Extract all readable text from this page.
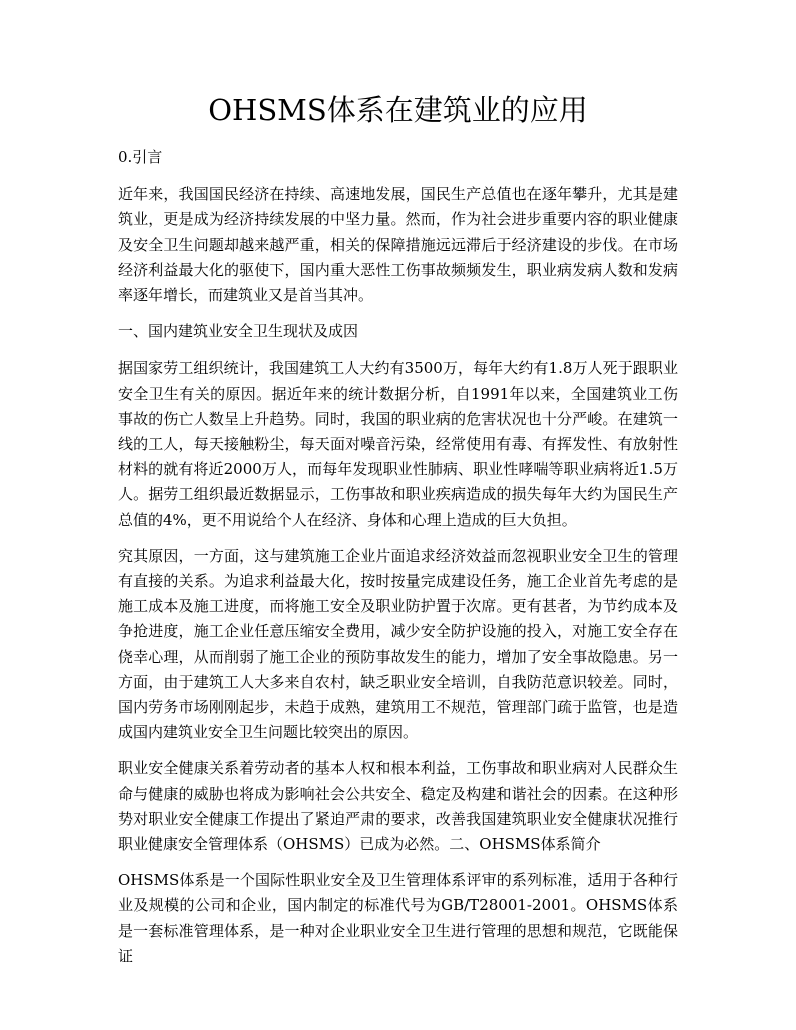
OHSMS体系在建筑业的应用

0.引言

近年来，我国国民经济在持续、高速地发展，国民生产总值也在逐年攀升，尤其是建筑业，更是成为经济持续发展的中坚力量。然而，作为社会进步重要内容的职业健康及安全卫生问题却越来越严重，相关的保障措施远远滞后于经济建设的步伐。在市场经济利益最大化的驱使下，国内重大恶性工伤事故频频发生，职业病发病人数和发病率逐年增长，而建筑业又是首当其冲。

一、国内建筑业安全卫生现状及成因

据国家劳工组织统计，我国建筑工人大约有3500万，每年大约有1.8万人死于跟职业安全卫生有关的原因。据近年来的统计数据分析，自1991年以来，全国建筑业工伤事故的伤亡人数呈上升趋势。同时，我国的职业病的危害状况也十分严峻。在建筑一线的工人，每天接触粉尘，每天面对噪音污染，经常使用有毒、有挥发性、有放射性材料的就有将近2000万人，而每年发现职业性肺病、职业性哮喘等职业病将近1.5万人。据劳工组织最近数据显示，工伤事故和职业疾病造成的损失每年大约为国民生产总值的4%，更不用说给个人在经济、身体和心理上造成的巨大负担。

究其原因，一方面，这与建筑施工企业片面追求经济效益而忽视职业安全卫生的管理有直接的关系。为追求利益最大化，按时按量完成建设任务，施工企业首先考虑的是施工成本及施工进度，而将施工安全及职业防护置于次席。更有甚者，为节约成本及争抢进度，施工企业任意压缩安全费用，减少安全防护设施的投入，对施工安全存在侥幸心理，从而削弱了施工企业的预防事故发生的能力，增加了安全事故隐患。另一方面，由于建筑工人大多来自农村，缺乏职业安全培训，自我防范意识较差。同时，国内劳务市场刚刚起步，未趋于成熟，建筑用工不规范，管理部门疏于监管，也是造成国内建筑业安全卫生问题比较突出的原因。

职业安全健康关系着劳动者的基本人权和根本利益，工伤事故和职业病对人民群众生命与健康的威胁也将成为影响社会公共安全、稳定及构建和谐社会的因素。在这种形势对职业安全健康工作提出了紧迫严肃的要求，改善我国建筑职业安全健康状况推行职业健康安全管理体系（OHSMS）已成为必然。二、OHSMS体系简介

OHSMS体系是一个国际性职业安全及卫生管理体系评审的系列标准，适用于各种行业及规模的公司和企业，国内制定的标准代号为GB/T28001-2001。OHSMS体系是一套标准管理体系，是一种对企业职业安全卫生进行管理的思想和规范，它既能保证
